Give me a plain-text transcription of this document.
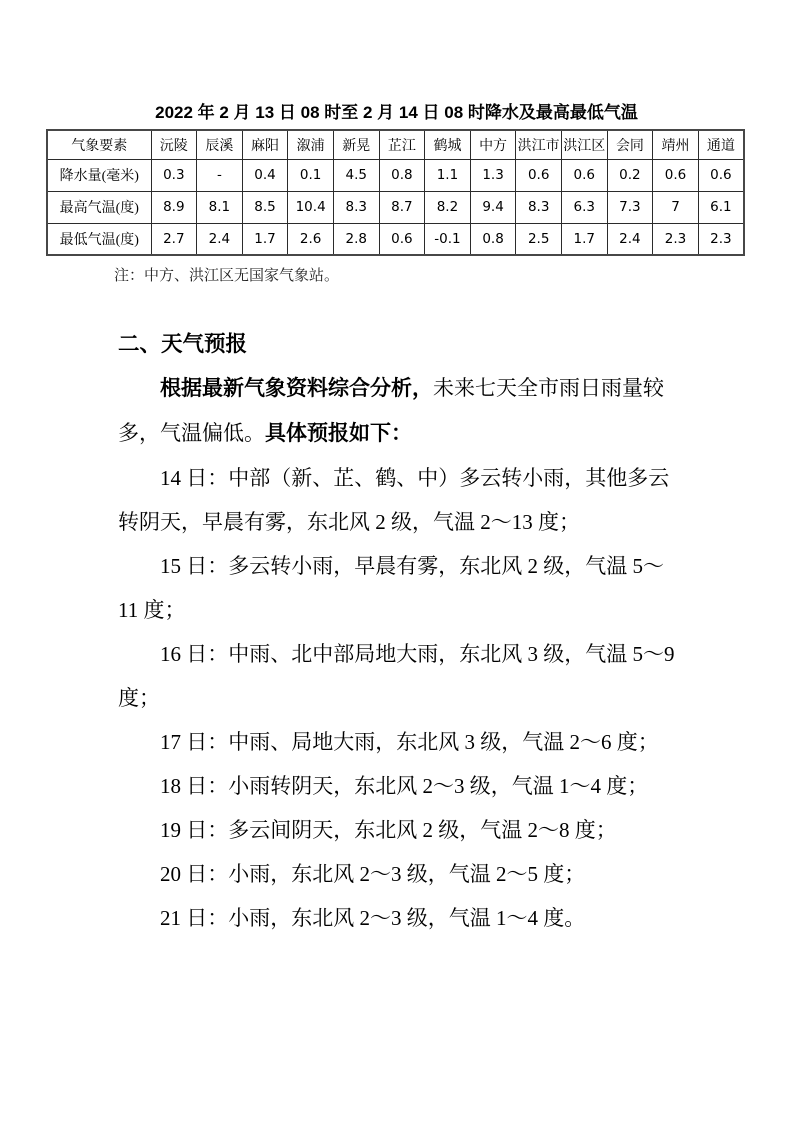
2022 年 2 月 13 日 08 时至 2 月 14 日 08 时降水及最高最低气温
气象要素	沅陵	辰溪	麻阳	溆浦	新晃	芷江	鹤城	中方	洪江市	洪江区	会同	靖州	通道
降水量(毫米)	0.3	-	0.4	0.1	4.5	0.8	1.1	1.3	0.6	0.6	0.2	0.6	0.6
最高气温(度)	8.9	8.1	8.5	10.4	8.3	8.7	8.2	9.4	8.3	6.3	7.3	7	6.1
最低气温(度)	2.7	2.4	1.7	2.6	2.8	0.6	-0.1	0.8	2.5	1.7	2.4	2.3	2.3
注：中方、洪江区无国家气象站。

二、天气预报

根据最新气象资料综合分析，未来七天全市雨日雨量较多，气温偏低。具体预报如下：

14 日：中部（新、芷、鹤、中）多云转小雨，其他多云转阴天，早晨有雾，东北风 2 级，气温 2～13 度；

15 日：多云转小雨，早晨有雾，东北风 2 级，气温 5～11 度；

16 日：中雨、北中部局地大雨，东北风 3 级，气温 5～9 度；

17 日：中雨、局地大雨，东北风 3 级，气温 2～6 度；

18 日：小雨转阴天，东北风 2～3 级，气温 1～4 度；

19 日：多云间阴天，东北风 2 级，气温 2～8 度；

20 日：小雨，东北风 2～3 级，气温 2～5 度；

21 日：小雨，东北风 2～3 级，气温 1～4 度。
